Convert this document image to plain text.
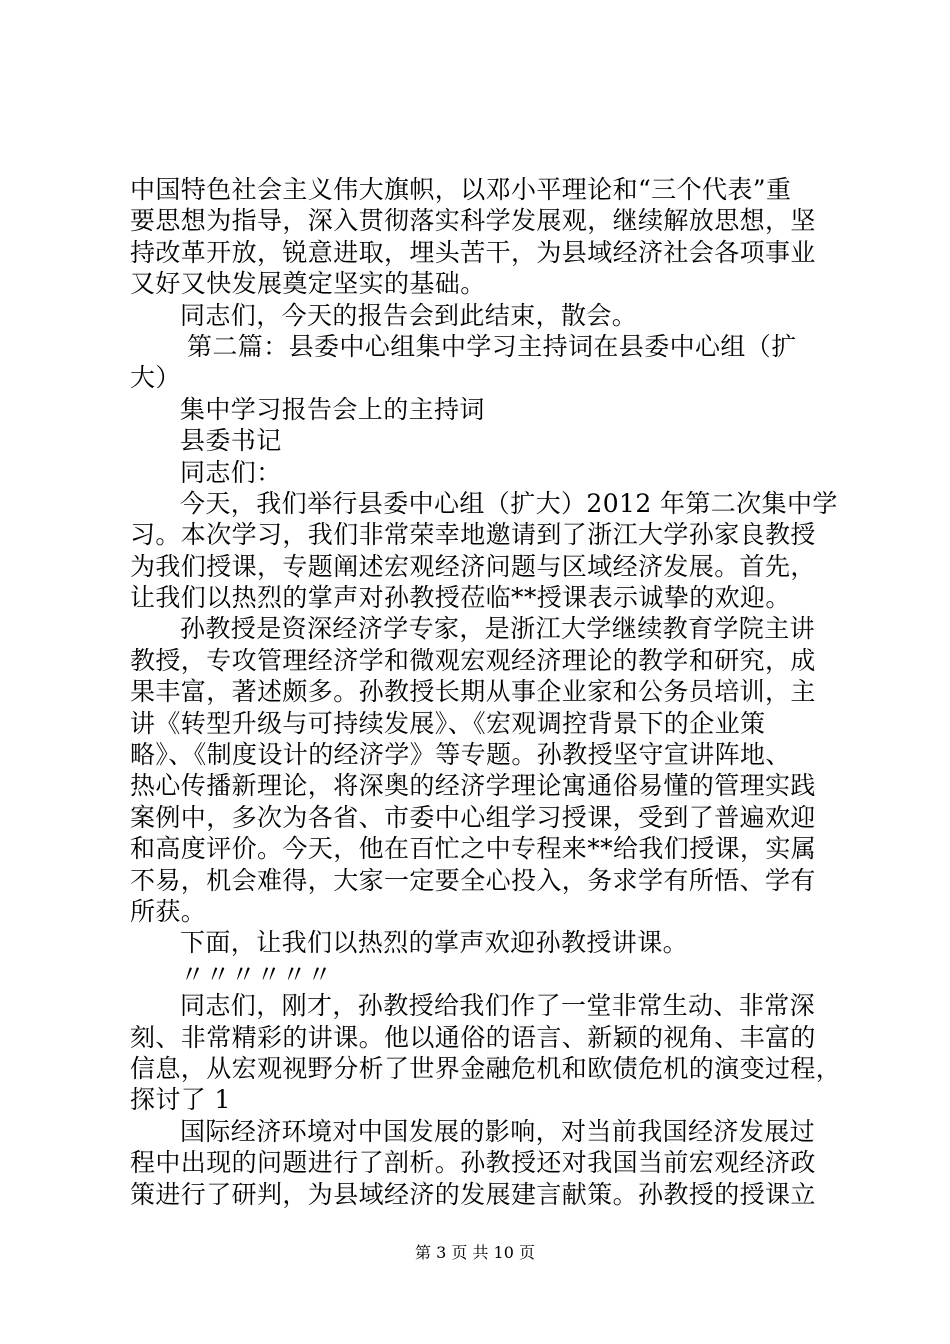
中国特色社会主义伟大旗帜，以邓小平理论和“三个代表”重
要思想为指导，深入贯彻落实科学发展观，继续解放思想，坚
持改革开放，锐意进取，埋头苦干，为县域经济社会各项事业
又好又快发展奠定坚实的基础。
同志们，今天的报告会到此结束，散会。
第二篇：县委中心组集中学习主持词在县委中心组（扩
大）
集中学习报告会上的主持词
县委书记
同志们：
今天，我们举行县委中心组（扩大）2012 年第二次集中学
习。本次学习，我们非常荣幸地邀请到了浙江大学孙家良教授
为我们授课，专题阐述宏观经济问题与区域经济发展。首先，
让我们以热烈的掌声对孙教授莅临**授课表示诚挚的欢迎。
孙教授是资深经济学专家，是浙江大学继续教育学院主讲
教授，专攻管理经济学和微观宏观经济理论的教学和研究，成
果丰富，著述颇多。孙教授长期从事企业家和公务员培训，主
讲《转型升级与可持续发展》、《宏观调控背景下的企业策
略》、《制度设计的经济学》等专题。孙教授坚守宣讲阵地、
热心传播新理论，将深奥的经济学理论寓通俗易懂的管理实践
案例中，多次为各省、市委中心组学习授课，受到了普遍欢迎
和高度评价。今天，他在百忙之中专程来**给我们授课，实属
不易，机会难得，大家一定要全心投入，务求学有所悟、学有
所获。
下面，让我们以热烈的掌声欢迎孙教授讲课。
〃〃〃〃〃〃
同志们，刚才，孙教授给我们作了一堂非常生动、非常深
刻、非常精彩的讲课。他以通俗的语言、新颖的视角、丰富的
信息，从宏观视野分析了世界金融危机和欧债危机的演变过程，
探讨了 1
国际经济环境对中国发展的影响，对当前我国经济发展过
程中出现的问题进行了剖析。孙教授还对我国当前宏观经济政
策进行了研判，为县域经济的发展建言献策。孙教授的授课立
第 3 页 共 10 页
